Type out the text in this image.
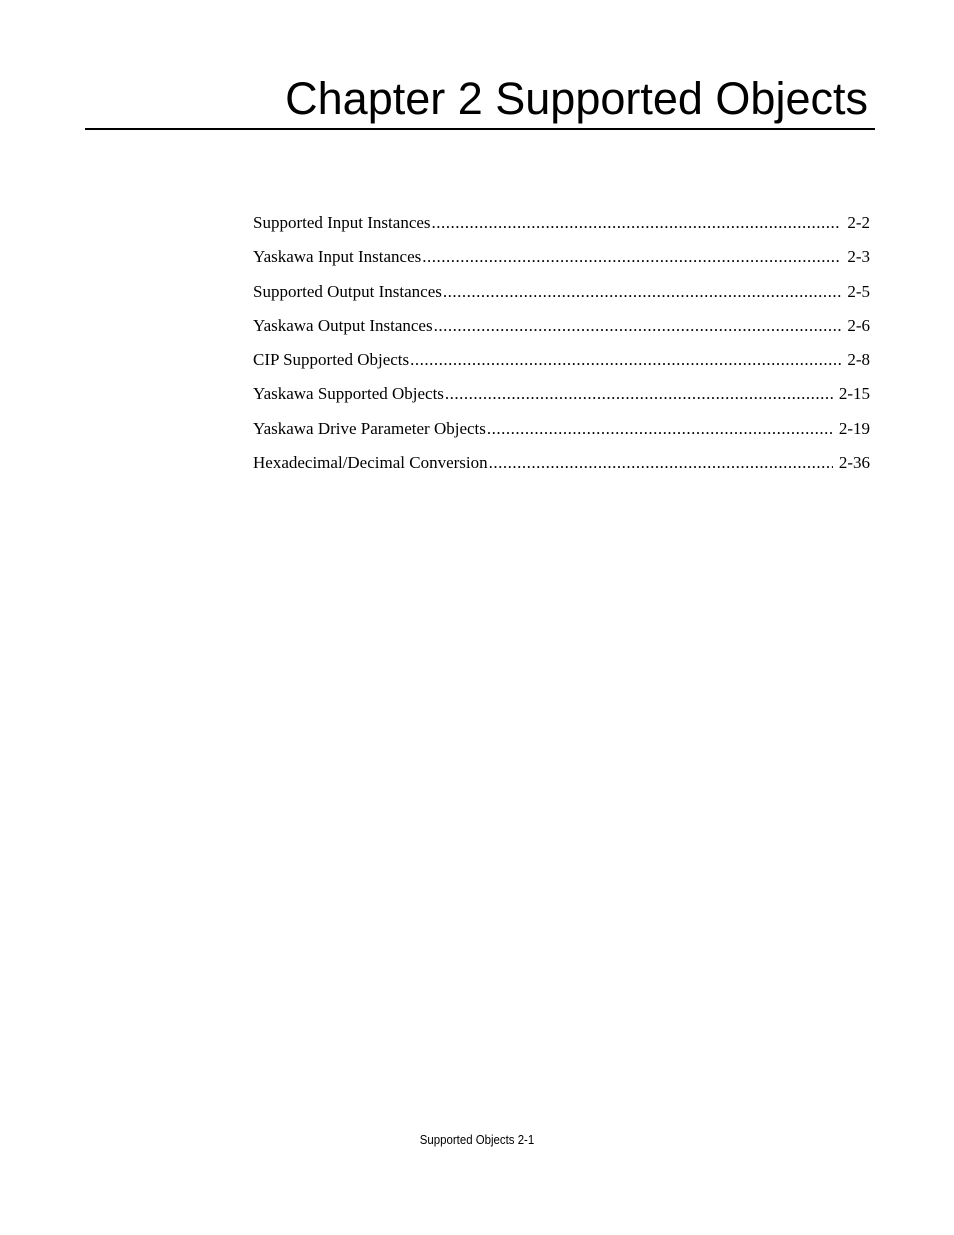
Chapter 2 Supported Objects
Supported Input Instances .....	2-2
Yaskawa Input Instances .....	2-3
Supported Output Instances .....	2-5
Yaskawa Output Instances .....	2-6
CIP Supported Objects .....	2-8
Yaskawa Supported Objects .....	2-15
Yaskawa Drive Parameter Objects .....	2-19
Hexadecimal/Decimal Conversion .....	2-36
Supported Objects 2-1
